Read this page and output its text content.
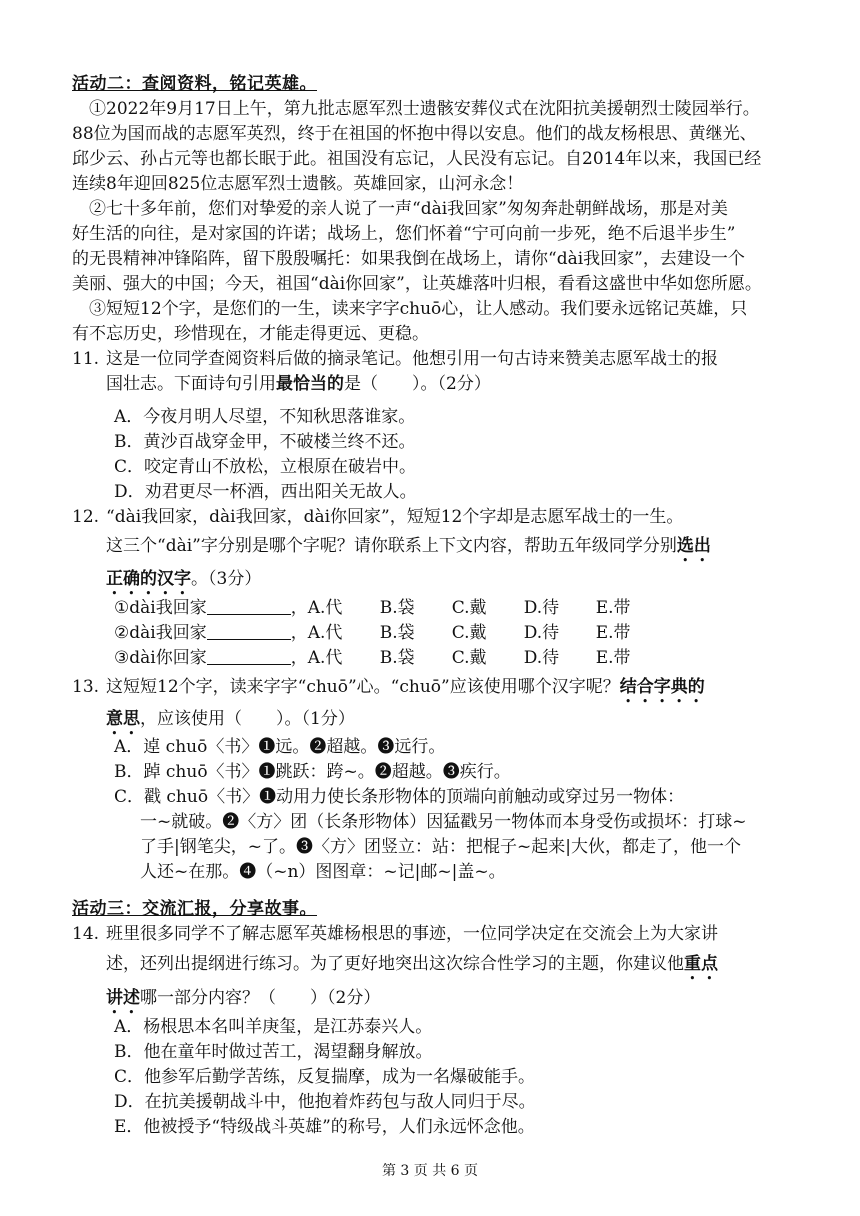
活动二：查阅资料，铭记英雄。
①2022年9月17日上午，第九批志愿军烈士遗骸安葬仪式在沈阳抗美援朝烈士陵园举行。
88位为国而战的志愿军英烈，终于在祖国的怀抱中得以安息。他们的战友杨根思、黄继光、
邱少云、孙占元等也都长眠于此。祖国没有忘记，人民没有忘记。自2014年以来，我国已经
连续8年迎回825位志愿军烈士遗骸。英雄回家，山河永念！
②七十多年前，您们对挚爱的亲人说了一声“dài我回家”匆匆奔赴朝鲜战场，那是对美
好生活的向往，是对家国的许诺；战场上，您们怀着“宁可向前一步死，绝不后退半步生”
的无畏精神冲锋陷阵，留下殷殷嘱托：如果我倒在战场上，请你“dài我回家”，去建设一个
美丽、强大的中国；今天，祖国“dài你回家”，让英雄落叶归根，看看这盛世中华如您所愿。
③短短12个字，是您们的一生，读来字字chuō心，让人感动。我们要永远铭记英雄，只
有不忘历史，珍惜现在，才能走得更远、更稳。
11. 这是一位同学查阅资料后做的摘录笔记。他想引用一句古诗来赞美志愿军战士的报
国壮志。下面诗句引用最恰当的是（　　）。（2分）
A．今夜月明人尽望，不知秋思落谁家。
B．黄沙百战穿金甲，不破楼兰终不还。
C．咬定青山不放松，立根原在破岩中。
D．劝君更尽一杯酒，西出阳关无故人。
12. “dài我回家，dài我回家，dài你回家”，短短12个字却是志愿军战士的一生。
这三个“dài”字分别是哪个字呢？请你联系上下文内容，帮助五年级同学分别选出
正确的汉字。（3分）
①dài我回家	， A.代	B.袋	C.戴	D.待	E.带
②dài我回家	， A.代	B.袋	C.戴	D.待	E.带
③dài你回家	， A.代	B.袋	C.戴	D.待	E.带
13. 这短短12个字，读来字字“chuō”心。“chuō”应该使用哪个汉字呢？结合字典的
意思，应该使用（　　）。（1分）
A．逴 chuō〈书〉❶远。❷超越。❸远行。
B．踔 chuō〈书〉❶跳跃：跨~。❷超越。❸疾行。
C．戳 chuō〈书〉❶动用力使长条形物体的顶端向前触动或穿过另一物体：
一~就破。❷〈方〉团（长条形物体）因猛戳另一物体而本身受伤或损坏：打球~
了手|钢笔尖，~了。❸〈方〉团竖立：站：把棍子~起来|大伙，都走了，他一个
人还~在那。❹（~n）图图章：~记|邮~|盖~。
活动三：交流汇报，分享故事。
14. 班里很多同学不了解志愿军英雄杨根思的事迹，一位同学决定在交流会上为大家讲
述，还列出提纲进行练习。为了更好地突出这次综合性学习的主题，你建议他重点
讲述哪一部分内容？（　　）（2分）
A．杨根思本名叫羊庚玺，是江苏泰兴人。
B．他在童年时做过苦工，渴望翻身解放。
C．他参军后勤学苦练，反复揣摩，成为一名爆破能手。
D．在抗美援朝战斗中，他抱着炸药包与敌人同归于尽。
E．他被授予“特级战斗英雄”的称号，人们永远怀念他。
第 3 页 共 6 页
